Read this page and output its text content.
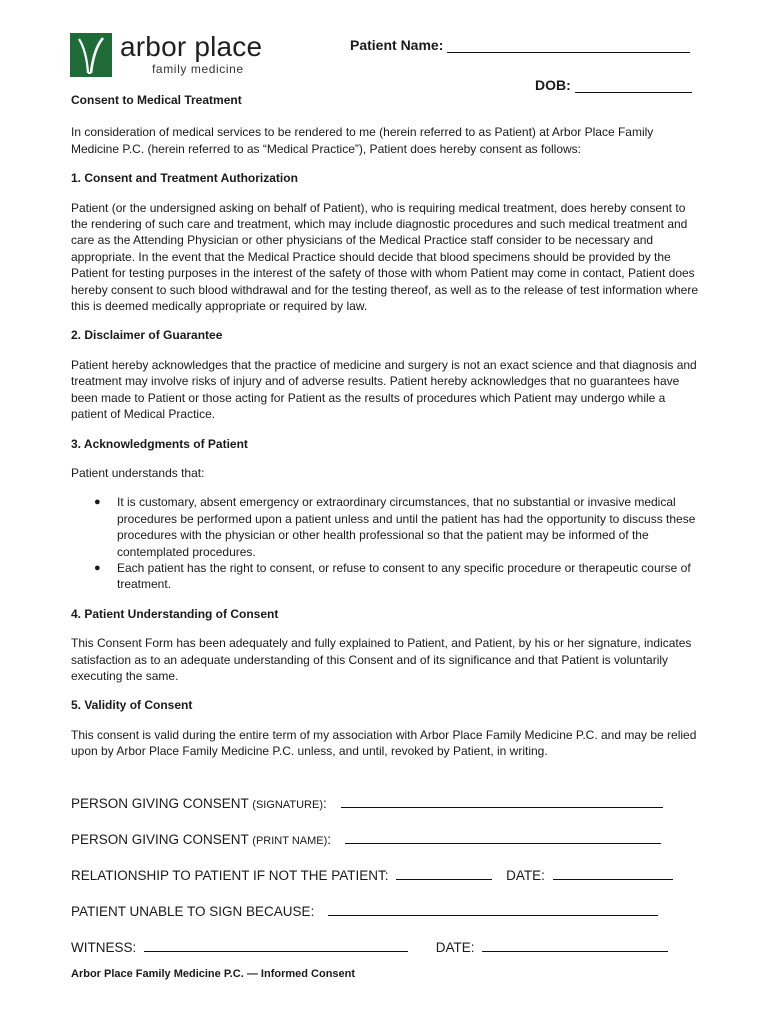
arbor place
family medicine
Patient Name:
DOB:
Consent to Medical Treatment

In consideration of medical services to be rendered to me (herein referred to as Patient) at Arbor Place Family Medicine P.C. (herein referred to as “Medical Practice”), Patient does hereby consent as follows:

1. Consent and Treatment Authorization

Patient (or the undersigned asking on behalf of Patient), who is requiring medical treatment, does hereby consent to the rendering of such care and treatment, which may include diagnostic procedures and such medical treatment and care as the Attending Physician or other physicians of the Medical Practice staff consider to be necessary and appropriate. In the event that the Medical Practice should decide that blood specimens should be provided by the Patient for testing purposes in the interest of the safety of those with whom Patient may come in contact, Patient does hereby consent to such blood withdrawal and for the testing thereof, as well as to the release of test information where this is deemed medically appropriate or required by law.

2. Disclaimer of Guarantee

Patient hereby acknowledges that the practice of medicine and surgery is not an exact science and that diagnosis and treatment may involve risks of injury and of adverse results. Patient hereby acknowledges that no guarantees have been made to Patient or those acting for Patient as the results of procedures which Patient may undergo while a patient of Medical Practice.

3. Acknowledgments of Patient

Patient understands that:

● It is customary, absent emergency or extraordinary circumstances, that no substantial or invasive medical procedures be performed upon a patient unless and until the patient has had the opportunity to discuss these procedures with the physician or other health professional so that the patient may be informed of the contemplated procedures.
● Each patient has the right to consent, or refuse to consent to any specific procedure or therapeutic course of treatment.
4. Patient Understanding of Consent

This Consent Form has been adequately and fully explained to Patient, and Patient, by his or her signature, indicates satisfaction as to an adequate understanding of this Consent and of its significance and that Patient is voluntarily executing the same.

5. Validity of Consent

This consent is valid during the entire term of my association with Arbor Place Family Medicine P.C. and may be relied upon by Arbor Place Family Medicine P.C. unless, and until, revoked by Patient, in writing.

PERSON GIVING CONSENT (SIGNATURE):
PERSON GIVING CONSENT (PRINT NAME):
RELATIONSHIP TO PATIENT IF NOT THE PATIENT:	DATE:
PATIENT UNABLE TO SIGN BECAUSE:
WITNESS:	DATE:
Arbor Place Family Medicine P.C. — Informed Consent
